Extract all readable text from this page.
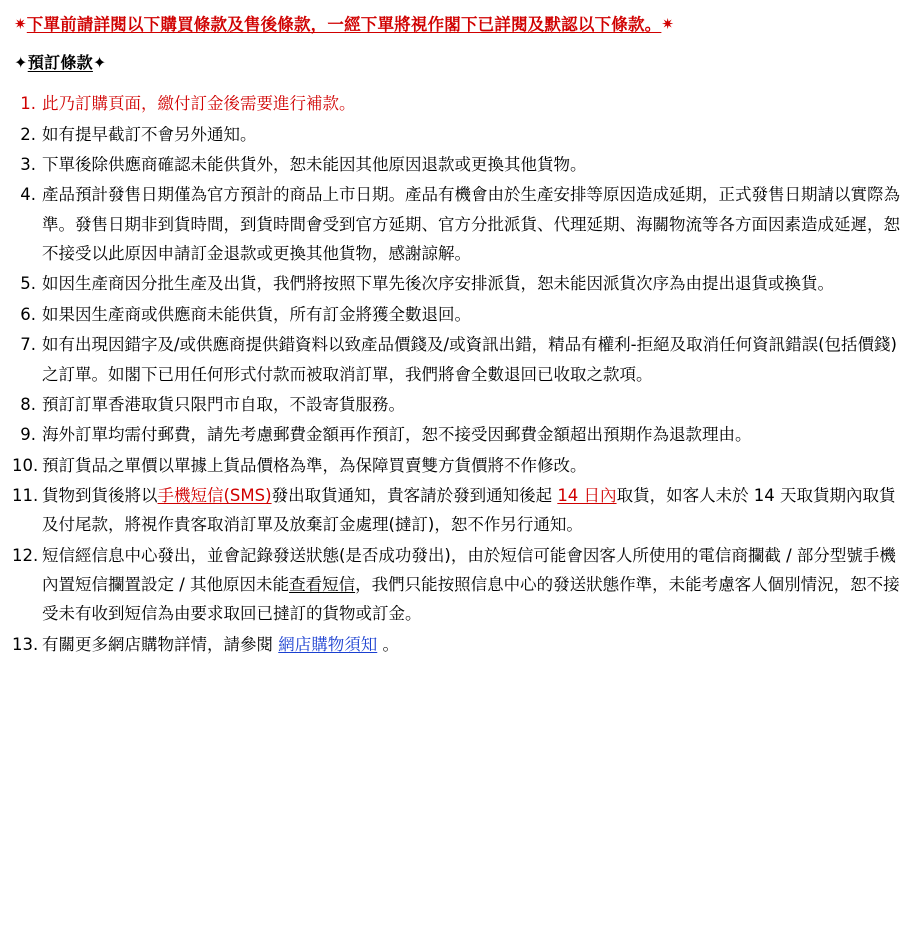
✷下單前請詳閱以下購買條款及售後條款，一經下單將視作閣下已詳閱及默認以下條款。✷
✦預訂條款✦
1. 此乃訂購頁面，繳付訂金後需要進行補款。
2. 如有提早截訂不會另外通知。
3. 下單後除供應商確認未能供貨外，恕未能因其他原因退款或更換其他貨物。
4. 產品預計發售日期僅為官方預計的商品上市日期。產品有機會由於生產安排等原因造成延期，正式發售日期請以實際為準。發售日期非到貨時間，到貨時間會受到官方延期、官方分批派貨、代理延期、海關物流等各方面因素造成延遲，恕不接受以此原因申請訂金退款或更換其他貨物，感謝諒解。
5. 如因生產商因分批生產及出貨，我們將按照下單先後次序安排派貨，恕未能因派貨次序為由提出退貨或換貨。
6. 如果因生產商或供應商未能供貨，所有訂金將獲全數退回。
7. 如有出現因錯字及/或供應商提供錯資料以致產品價錢及/或資訊出錯，精品有權利-拒絕及取消任何資訊錯誤(包括價錢) 之訂單。如閣下已用任何形式付款而被取消訂單，我們將會全數退回已收取之款項。
8. 預訂訂單香港取貨只限門市自取，不設寄貨服務。
9. 海外訂單均需付郵費，請先考慮郵費金額再作預訂，恕不接受因郵費金額超出預期作為退款理由。
10. 預訂貨品之單價以單據上貨品價格為準，為保障買賣雙方貨價將不作修改。
11. 貨物到貨後將以手機短信(SMS)發出取貨通知，貴客請於發到通知後起 14 日內取貨，如客人未於 14 天取貨期內取貨及付尾款，將視作貴客取消訂單及放棄訂金處理(撻訂)，恕不作另行通知。
12. 短信經信息中心發出，並會記錄發送狀態(是否成功發出)，由於短信可能會因客人所使用的電信商攔截 / 部分型號手機內置短信攔置設定 / 其他原因未能查看短信，我們只能按照信息中心的發送狀態作準，未能考慮客人個別情況，恕不接受未有收到短信為由要求取回已撻訂的貨物或訂金。
13. 有關更多網店購物詳情，請參閱 網店購物須知 。
